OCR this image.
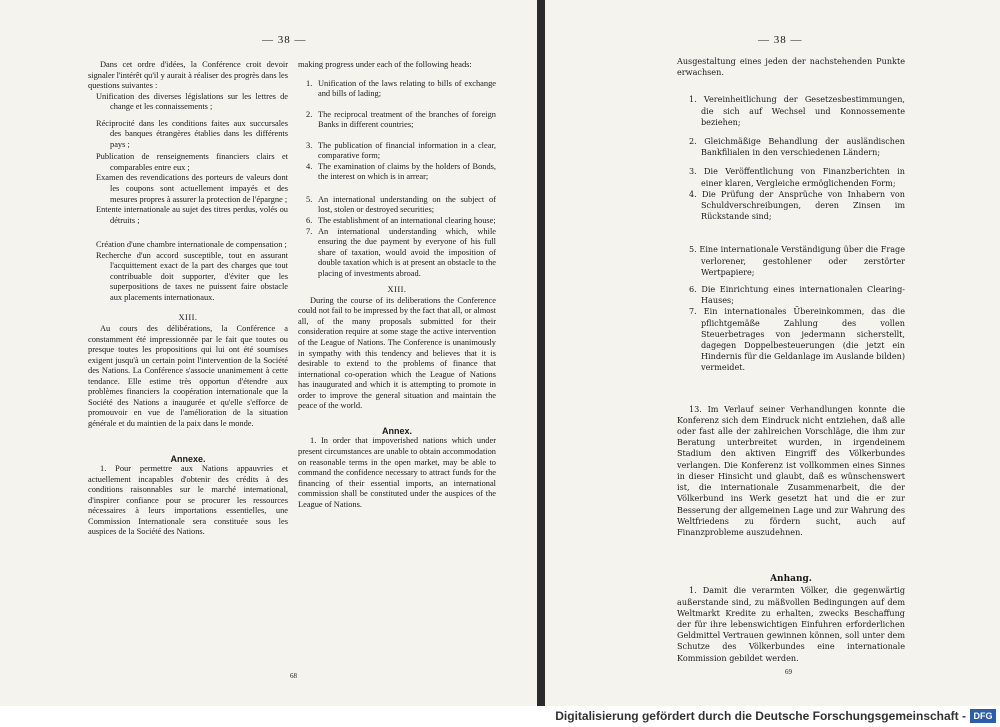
— 38 —

Dans cet ordre d'idées, la Conférence croit devoir signaler l'intérêt qu'il y aurait à réaliser des progrès dans les questions suivantes :

Unification des diverses législations sur les lettres de change et les connaissements ;
Réciprocité dans les conditions faites aux succursales des banques étrangères établies dans les différents pays ;
Publication de renseignements financiers clairs et comparables entre eux ;
Examen des revendications des porteurs de valeurs dont les coupons sont actuellement impayés et des mesures propres à assurer la protection de l'épargne ;
Entente internationale au sujet des titres perdus, volés ou détruits ;
Création d'une chambre internationale de compensation ;
Recherche d'un accord susceptible, tout en assurant l'acquittement exact de la part des charges que tout contribuable doit supporter, d'éviter que les superpositions de taxes ne puissent faire obstacle aux placements internationaux.

XIII.

Au cours des délibérations, la Conférence a constamment été impressionnée par le fait que toutes ou presque toutes les propositions qui lui ont été soumises exigent jusqu'à un certain point l'intervention de la Société des Nations. La Conférence s'associe unanimement à cette tendance. Elle estime très opportun d'étendre aux problèmes financiers la coopération internationale que la Société des Nations a inaugurée et qu'elle s'efforce de promouvoir en vue de l'amélioration de la situation générale et du maintien de la paix dans le monde.

Annexe.

1. Pour permettre aux Nations appauvries et actuellement incapables d'obtenir des crédits à des conditions raisonnables sur le marché international, d'inspirer confiance pour se procurer les ressources nécessaires à leurs importations essentielles, une Commission Internationale sera constituée sous les auspices de la Société des Nations.

making progress under each of the following heads:

1. Unification of the laws relating to bills of exchange and bills of lading;
2. The reciprocal treatment of the branches of foreign Banks in different countries;
3. The publication of financial information in a clear, comparative form;
4. The examination of claims by the holders of Bonds, the interest on which is in arrear;
5. An international understanding on the subject of lost, stolen or destroyed securities;
6. The establishment of an international clearing house;
7. An international understanding which, while ensuring the due payment by everyone of his full share of taxation, would avoid the imposition of double taxation which is at present an obstacle to the placing of investments abroad.

XIII.

During the course of its deliberations the Conference could not fail to be impressed by the fact that all, or almost all, of the many proposals submitted for their consideration require at some stage the active intervention of the League of Nations. The Conference is unanimously in sympathy with this tendency and believes that it is desirable to extend to the problems of finance that international co-operation which the League of Nations has inaugurated and which it is attempting to promote in order to improve the general situation and maintain the peace of the world.

Annex.

1. In order that impoverished nations which under present circumstances are unable to obtain accommodation on reasonable terms in the open market, may be able to command the confidence necessary to attract funds for the financing of their essential imports, an international commission shall be constituted under the auspices of the League of Nations.

68
— 38 —

Ausgestaltung eines jeden der nachstehenden Punkte erwachsen.

1. Vereinheitlichung der Gesetzesbestimmungen, die sich auf Wechsel und Konnossemente beziehen;
2. Gleichmäßige Behandlung der ausländischen Bankfilialen in den verschiedenen Ländern;
3. Die Veröffentlichung von Finanzberichten in einer klaren, Vergleiche ermöglichenden Form;
4. Die Prüfung der Ansprüche von Inhabern von Schuldverschreibungen, deren Zinsen im Rückstande sind;
5. Eine internationale Verständigung über die Frage verlorener, gestohlener oder zerstörter Wertpapiere;
6. Die Einrichtung eines internationalen Clearing-Hauses;
7. Ein internationales Übereinkommen, das die pflichtgemäße Zahlung des vollen Steuerbetrages von jedermann sicherstellt, dagegen Doppelbesteuerungen (die jetzt ein Hindernis für die Geldanlage im Auslande bilden) vermeidet.

13. Im Verlauf seiner Verhandlungen konnte die Konferenz sich dem Eindruck nicht entziehen, daß alle oder fast alle der zahlreichen Vorschläge, die ihm zur Beratung unterbreitet wurden, in irgendeinem Stadium den aktiven Eingriff des Völkerbundes verlangen. Die Konferenz ist vollkommen eines Sinnes in dieser Hinsicht und glaubt, daß es wünschenswert ist, die internationale Zusammenarbeit, die der Völkerbund ins Werk gesetzt hat und die er zur Besserung der allgemeinen Lage und zur Wahrung des Weltfriedens zu fördern sucht, auch auf Finanzprobleme auszudehnen.

Anhang.

1. Damit die verarmten Völker, die gegenwärtig außerstande sind, zu mäßvollen Bedingungen auf dem Weltmarkt Kredite zu erhalten, zwecks Beschaffung der für ihre lebenswichtigen Einfuhren erforderlichen Geldmittel Vertrauen gewinnen können, soll unter dem Schutze des Völkerbundes eine internationale Kommission gebildet werden.

69
Digitalisierung gefördert durch die Deutsche Forschungsgemeinschaft - DFG
